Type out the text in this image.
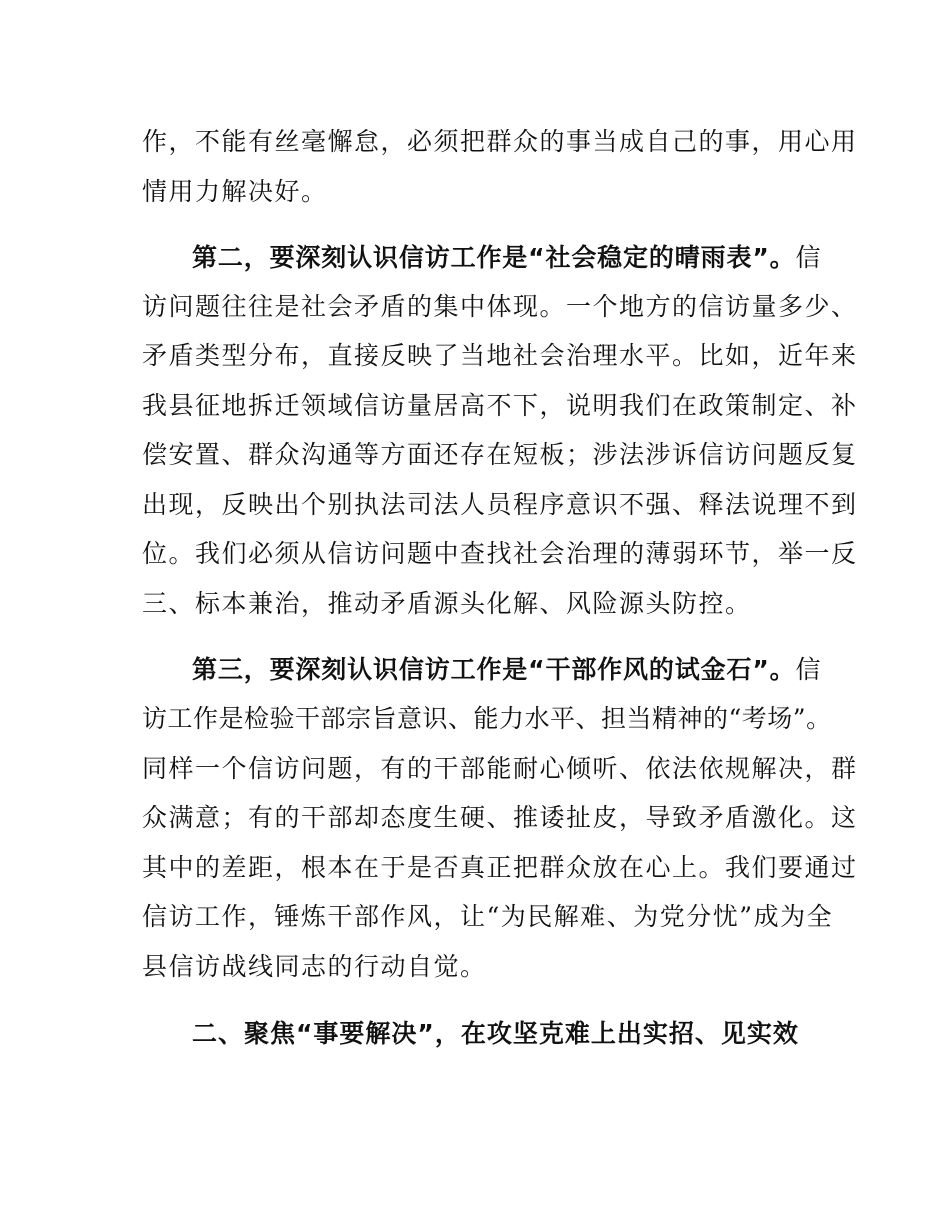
作，不能有丝毫懈怠，必须把群众的事当成自己的事，用心用
情用力解决好。
第二，要深刻认识信访工作是“社会稳定的晴雨表”。信
访问题往往是社会矛盾的集中体现。一个地方的信访量多少、
矛盾类型分布，直接反映了当地社会治理水平。比如，近年来
我县征地拆迁领域信访量居高不下，说明我们在政策制定、补
偿安置、群众沟通等方面还存在短板；涉法涉诉信访问题反复
出现，反映出个别执法司法人员程序意识不强、释法说理不到
位。我们必须从信访问题中查找社会治理的薄弱环节，举一反
三、标本兼治，推动矛盾源头化解、风险源头防控。
第三，要深刻认识信访工作是“干部作风的试金石”。信
访工作是检验干部宗旨意识、能力水平、担当精神的“考场”。
同样一个信访问题，有的干部能耐心倾听、依法依规解决，群
众满意；有的干部却态度生硬、推诿扯皮，导致矛盾激化。这
其中的差距，根本在于是否真正把群众放在心上。我们要通过
信访工作，锤炼干部作风，让“为民解难、为党分忧”成为全
县信访战线同志的行动自觉。
二、聚焦“事要解决”，在攻坚克难上出实招、见实效
